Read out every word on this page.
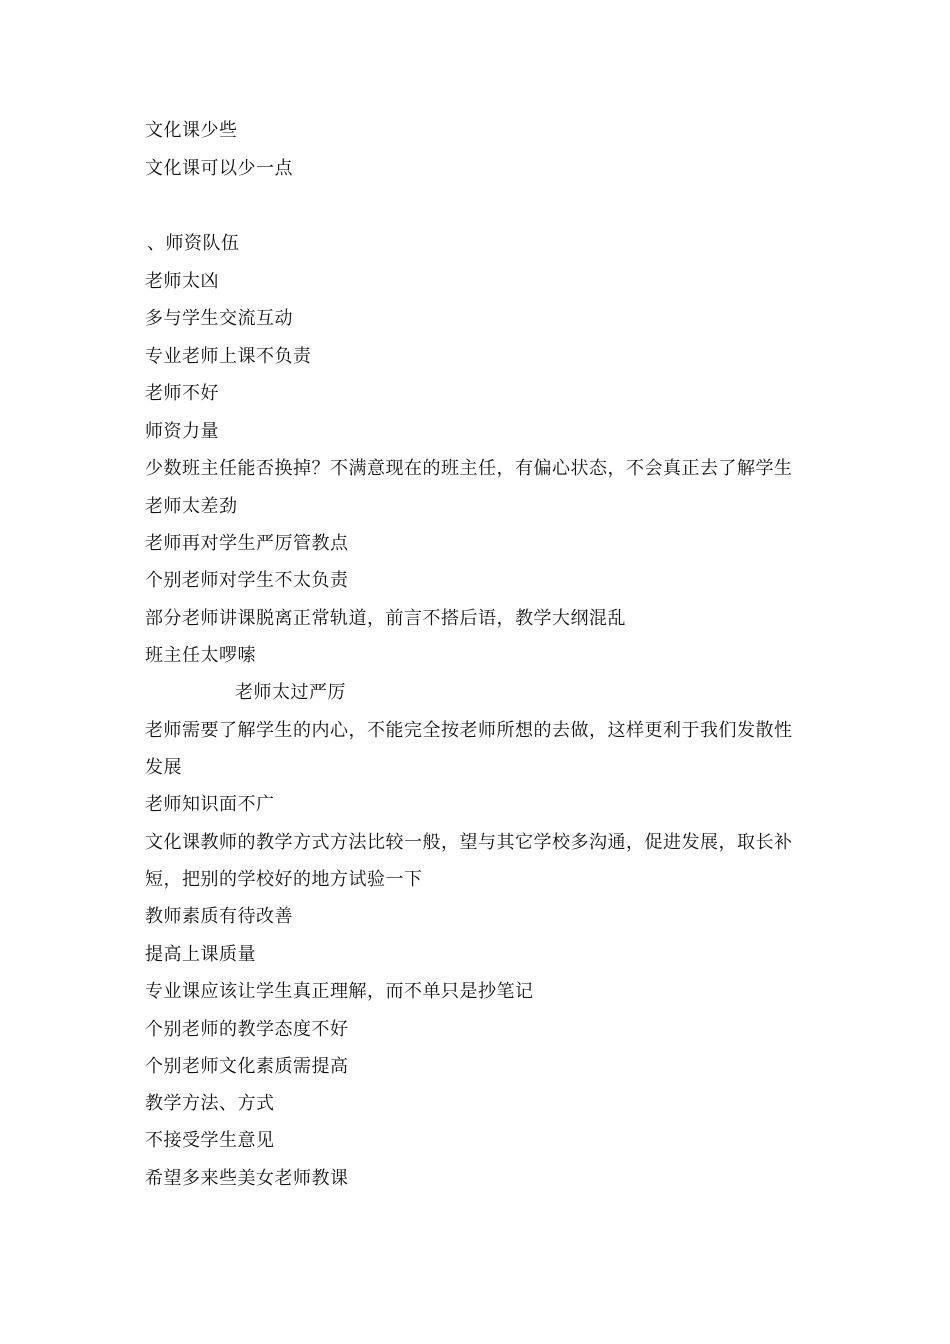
文化课少些
文化课可以少一点
、师资队伍
老师太凶
多与学生交流互动
专业老师上课不负责
老师不好
师资力量
少数班主任能否换掉？不满意现在的班主任，有偏心状态，不会真正去了解学生
老师太差劲
老师再对学生严厉管教点
个别老师对学生不太负责
部分老师讲课脱离正常轨道，前言不搭后语，教学大纲混乱
班主任太啰嗦
老师太过严厉
老师需要了解学生的内心，不能完全按老师所想的去做，这样更利于我们发散性
发展
老师知识面不广
文化课教师的教学方式方法比较一般，望与其它学校多沟通，促进发展，取长补
短，把别的学校好的地方试验一下
教师素质有待改善
提高上课质量
专业课应该让学生真正理解，而不单只是抄笔记
个别老师的教学态度不好
个别老师文化素质需提高
教学方法、方式
不接受学生意见
希望多来些美女老师教课
